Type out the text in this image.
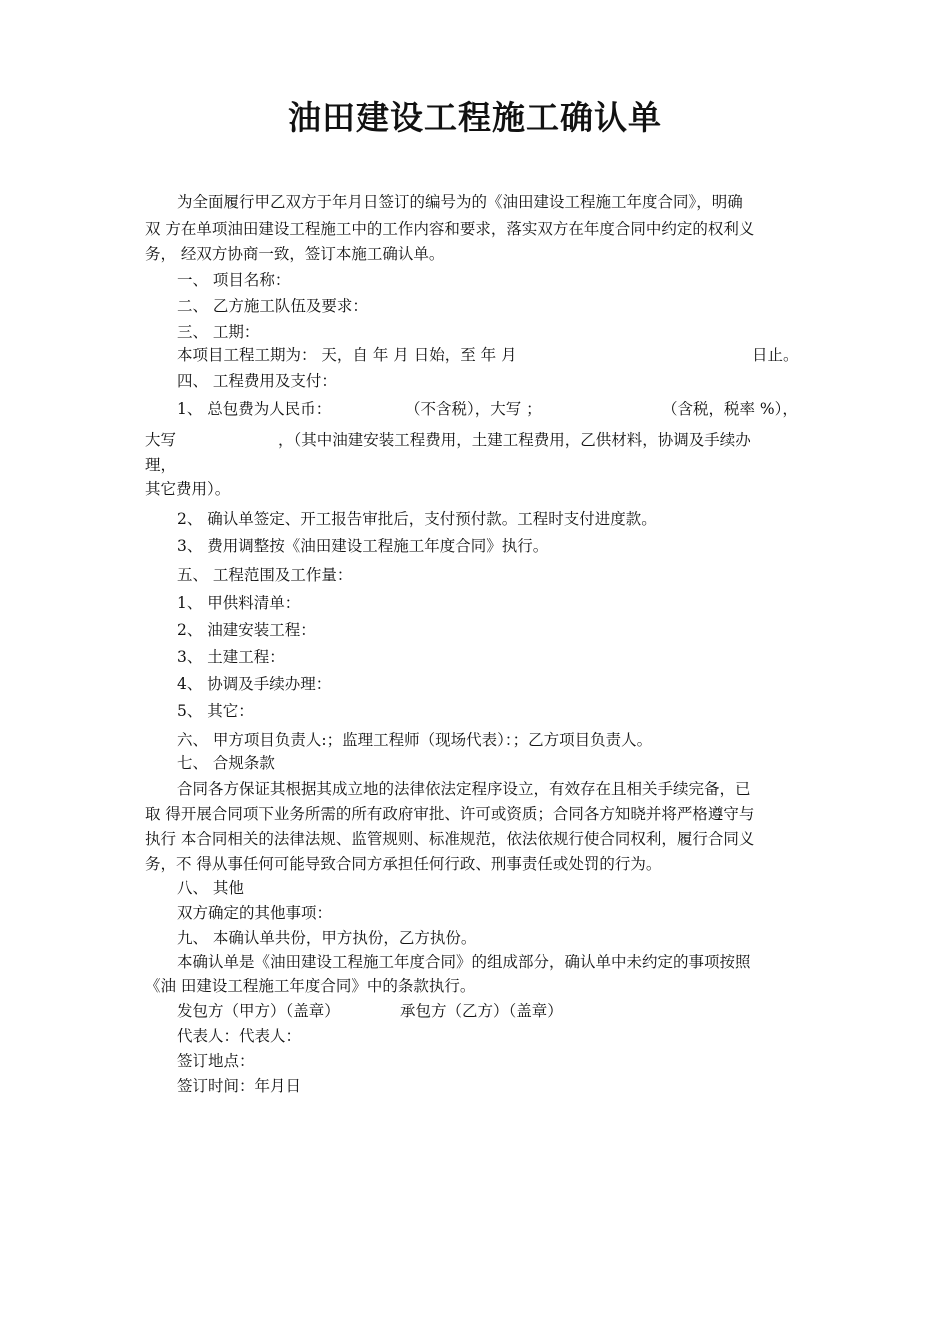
油田建设工程施工确认单
为全面履行甲乙双方于年月日签订的编号为的《油田建设工程施工年度合同》，明确
双 方在单项油田建设工程施工中的工作内容和要求，落实双方在年度合同中约定的权利义
务， 经双方协商一致，签订本施工确认单。
一、 项目名称：
二、 乙方施工队伍及要求：
三、 工期：
本项目工程工期为： 天，自 年 月 日始，至 年 月	日止。
四、 工程费用及支付：
1、 总包费为人民币：	（不含税），大写 ；	（含税，税率 %），
大写	，（其中油建安装工程费用，土建工程费用，乙供材料，协调及手续办
理，
其它费用）。
2、 确认单签定、开工报告审批后，支付预付款。工程时支付进度款。
3、 费用调整按《油田建设工程施工年度合同》执行。
五、 工程范围及工作量：
1、 甲供料清单：
2、 油建安装工程：
3、 土建工程：
4、 协调及手续办理：
5、 其它：
六、 甲方项目负责人:；监理工程师（现场代表）：；乙方项目负责人。
七、 合规条款
合同各方保证其根据其成立地的法律依法定程序设立，有效存在且相关手续完备，已
取 得开展合同项下业务所需的所有政府审批、许可或资质；合同各方知晓并将严格遵守与
执行 本合同相关的法律法规、监管规则、标准规范，依法依规行使合同权利，履行合同义
务，不 得从事任何可能导致合同方承担任何行政、刑事责任或处罚的行为。
八、 其他
双方确定的其他事项：
九、 本确认单共份，甲方执份，乙方执份。
本确认单是《油田建设工程施工年度合同》的组成部分，确认单中未约定的事项按照
《油 田建设工程施工年度合同》中的条款执行。
发包方（甲方）（盖章）	承包方（乙方）（盖章）
代表人：代表人：
签订地点：
签订时间：年月日
